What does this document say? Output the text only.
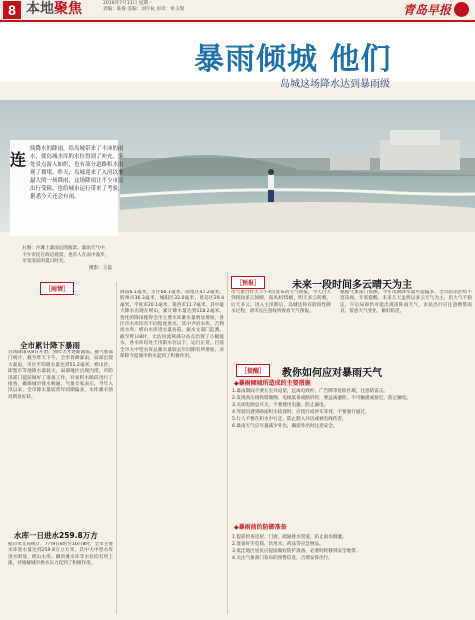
8 本地聚焦	2016年7月11日 星期一
责编：陈鲁 美编：刘宇杭 审读：侯玉瑞	青岛早报
暴雨倾城 他们
岛城这场降水达到暴雨级
连
续降水的降雨，给岛城带来了丰沛的雨水，使岛城水库的水位得到了补充。多处景点游人如织，也有部分道路积水出现了拥堵。昨天，岛城迎来了入汛以来最大的一场降雨，这场降雨让不少市民出行受阻，也给城市运行带来了考验。据悉今天还会有雨。
右图：沙滩上暴雨后的海景。暴雨天气中，不少市民在海边观景，也有人在雨中漫步，享受清凉的夏日时光。
摄影：王磊
［雨情］
全市累计降下暴雨
这场降雨从8日开始，到昨天才逐渐减弱。据气象部门统计，截至昨天下午，全市普降暴雨，局部出现大暴雨，市区平均降水量达到51.2毫米，崂山区、即墨市等地降水量较大，局部地区出现内涝。市防汛部门提前做好了准备工作，对易积水路段进行了排查，确保城市排水畅通。气象专家表示，今年入汛以来，全市降水量较常年同期偏多，水库蓄水情况明显好转。
水库一日进水259.8万方
据市水文局统计，7月9日8时至10日8时，全市主要水库进水量达到259.8万立方米，其中大中型水库进水明显，崂山水库、棘洪滩水库等水位均有所上涨，对缓解城市供水压力起到了积极作用。
降雨6.1毫米，市区66.1毫米，即墨区47.2毫米，胶州市36.3毫米，城阳区32.0毫米，黄岛区29.4毫米，平度市20.1毫米，莱西市11.7毫米。其中最大降水出现在崂山，累计降水量达到118.2毫米。变化的降雨使得全市主要水库蓄水量明显增加，各区市水库均有不同程度进水，其中尹府水库、吉利河水库、崂山水库进水量居前。据水文部门监测，截至昨日8时，大沽河流域部分站点出现了小幅涨水，各水库均处于汛限水位以下，运行正常。目前全市大中型水库总蓄水量较去年同期有所增加，对保障今夏城市供水起到了积极作用。
［预报］	未来一段时间多云晴天为主
市气象台昨天下午4点发布的天气预报，今天白天到夜间多云间晴，南风4到5级，明天多云转晴，后天多云。进入主汛期后，岛城还将有阶段性降水过程，请市民注意收听收看天气预报。
根据气象部门预测，今年汛期降水量可能偏多，全市防汛形势不容乐观。专家提醒，未来几天虽然以多云天气为主，但大气不稳定，午后局部仍可能出现雷阵雨天气，市民出行应注意携带雨具，留意天气变化，做好防范。
［提醒］	教你如何应对暴雨天气
◆暴雨倾城所造成的主要措施
1.暴雨期间不要在室外逗留，远离电线杆、广告牌等危险区域，注意防雷击。
2.发现高压线铁塔倾倒、电线低垂或断折时，要远离避险，不可触摸或接近，防止触电。
3.关闭电源总开关，不要使用电器，防止漏电。
4.驾驶员遇到路面积水较深时，应绕行或停车等待，不要强行通过。
5.行人不要在积水中行走，防止跌入井坑或被电线伤害。
6.暴雨天气应尽量减少外出，确需外出时注意安全。
◆暴雨前的防御准备
1.提前检查房屋、门窗，疏通排水管道，防止雨水倒灌。
2.准备好手电筒、饮用水、药品等应急物品。
3.低洼地区居民应提前做好防护准备，必要时转移到安全地带。
4.关注气象部门发布的预警信息，合理安排出行。
